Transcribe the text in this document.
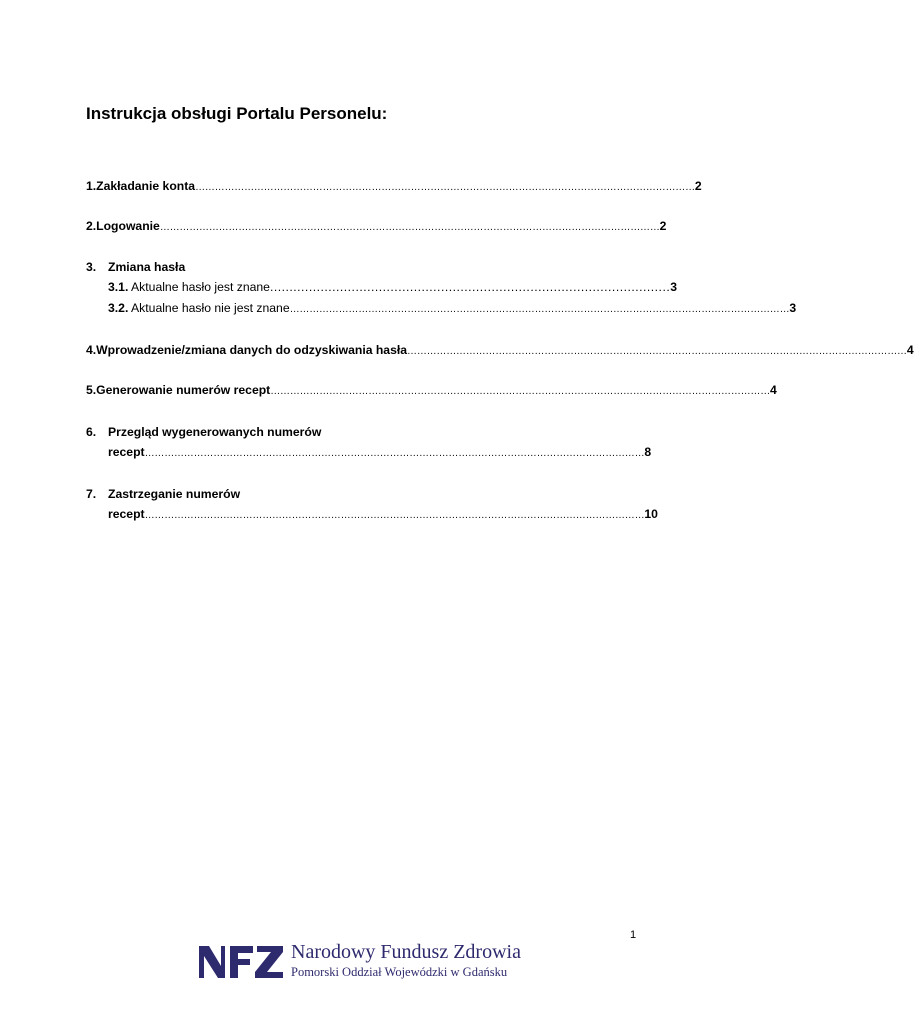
Instrukcja obsługi Portalu Personelu:
1. Zakładanie konta ……………………………………………………………………………………………………………………………………… 2
2. Logowanie ……………………………………………………………………………………………………………………………………… 2
3. Zmiana hasła
3.1. Aktualne hasło jest znane ....................................................................................................... 3
3.2. Aktualne hasło nie jest znane ……………………………………………………………………………………………………………………………………… 3
4. Wprowadzenie/zmiana danych do odzyskiwania hasła ……………………………………………………………………………………………………………………………………… 4
5. Generowanie numerów recept ……………………………………………………………………………………………………………………………………… 4
6. Przegląd wygenerowanych numerów
recept ……………………………………………………………………………………………………………………………………… 8
7. Zastrzeganie numerów
recept ……………………………………………………………………………………………………………………………………… 10
1
Narodowy Fundusz Zdrowia
Pomorski Oddział Wojewódzki w Gdańsku
